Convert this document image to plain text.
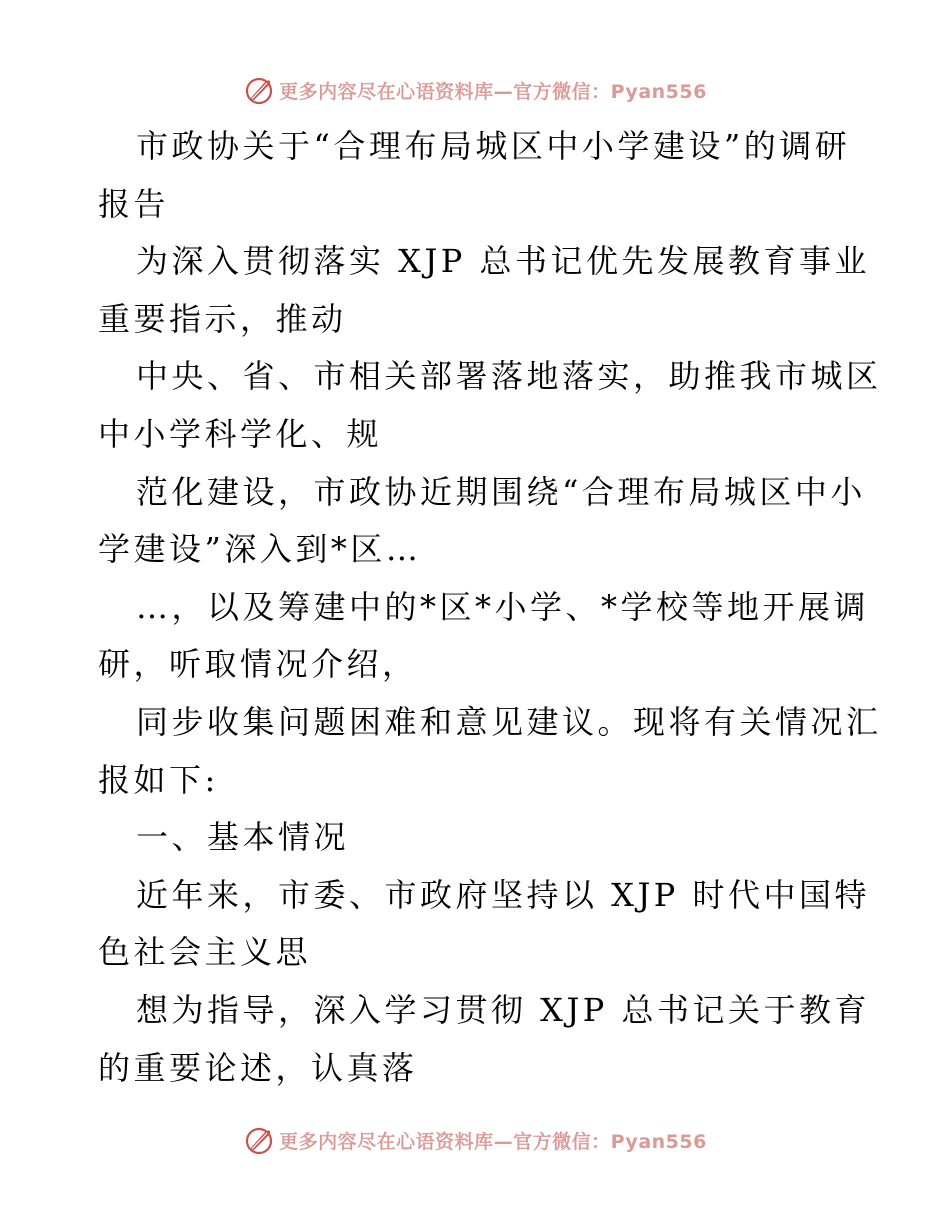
更多内容尽在心语资料库—官方微信：Pyan556
市政协关于“合理布局城区中小学建设”的调研
报告
为深入贯彻落实 XJP 总书记优先发展教育事业
重要指示，推动
中央、省、市相关部署落地落实，助推我市城区
中小学科学化、规
范化建设，市政协近期围绕“合理布局城区中小
学建设”深入到*区…
…，以及筹建中的*区*小学、*学校等地开展调
研，听取情况介绍，
同步收集问题困难和意见建议。现将有关情况汇
报如下:
一、基本情况
近年来，市委、市政府坚持以 XJP 时代中国特
色社会主义思
想为指导，深入学习贯彻 XJP 总书记关于教育
的重要论述，认真落
更多内容尽在心语资料库—官方微信：Pyan556
